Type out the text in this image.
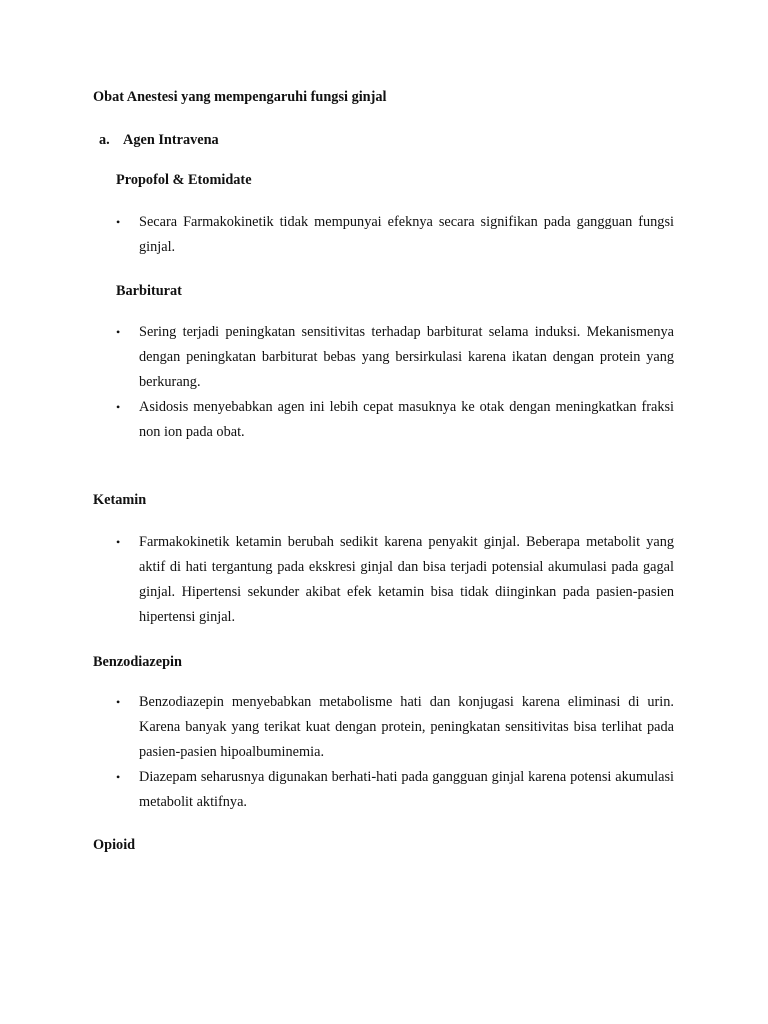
Obat Anestesi yang mempengaruhi fungsi ginjal
a. Agen Intravena
Propofol & Etomidate
• Secara Farmakokinetik tidak mempunyai efeknya secara signifikan pada gangguan fungsi ginjal.
Barbiturat
• Sering terjadi peningkatan sensitivitas terhadap barbiturat selama induksi. Mekanismenya dengan peningkatan barbiturat bebas yang bersirkulasi karena ikatan dengan protein yang berkurang.
• Asidosis menyebabkan agen ini lebih cepat masuknya ke otak dengan meningkatkan fraksi non ion pada obat.
Ketamin
• Farmakokinetik ketamin berubah sedikit karena penyakit ginjal. Beberapa metabolit yang aktif di hati tergantung pada ekskresi ginjal dan bisa terjadi potensial akumulasi pada gagal ginjal. Hipertensi sekunder akibat efek ketamin bisa tidak diinginkan pada pasien-pasien hipertensi ginjal.
Benzodiazepin
• Benzodiazepin menyebabkan metabolisme hati dan konjugasi karena eliminasi di urin. Karena banyak yang terikat kuat dengan protein, peningkatan sensitivitas bisa terlihat pada pasien-pasien hipoalbuminemia.
• Diazepam seharusnya digunakan berhati-hati pada gangguan ginjal karena potensi akumulasi metabolit aktifnya.
Opioid
